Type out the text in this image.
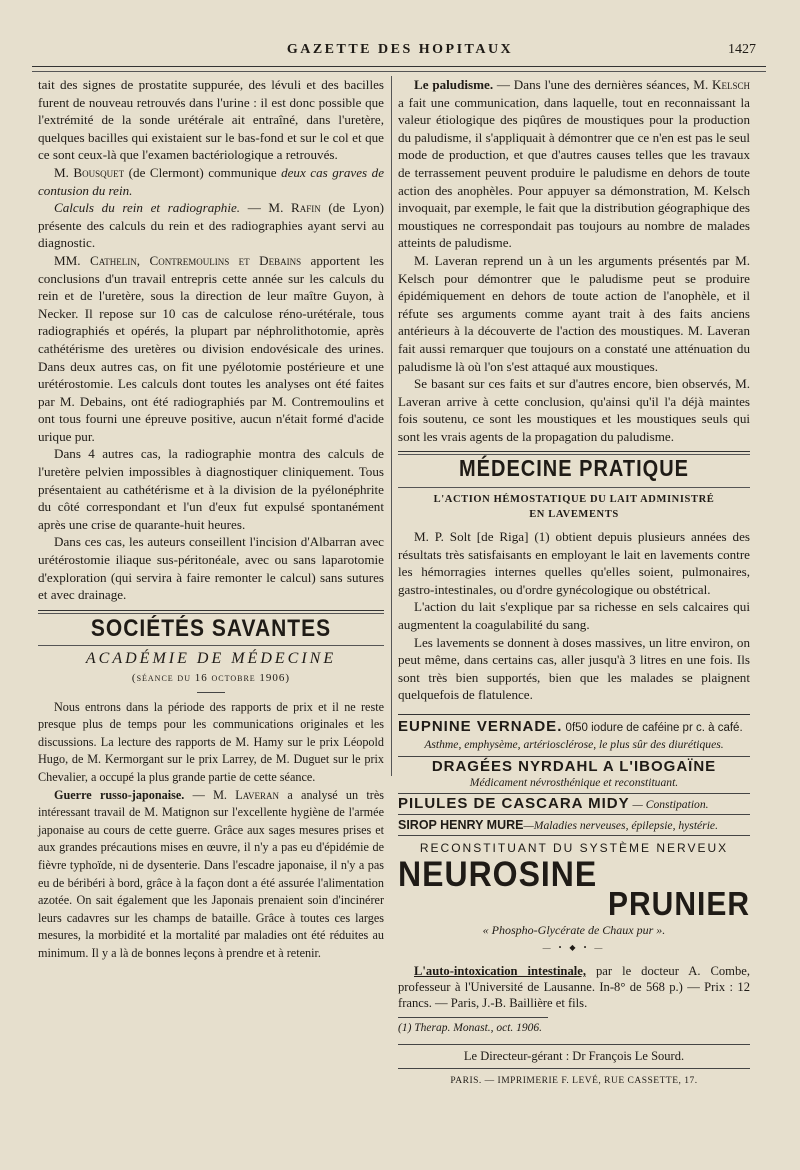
GAZETTE DES HOPITAUX	1427

tait des signes de prostatite suppurée, des lévuli et des bacilles furent de nouveau retrouvés dans l'urine : il est donc possible que l'extrémité de la sonde urétérale ait entraîné, dans l'uretère, quelques bacilles qui existaient sur le bas-fond et sur le col et que ce sont ceux-là que l'examen bactériologique a retrouvés.

M. Bousquet (de Clermont) communique deux cas graves de contusion du rein.

Calculs du rein et radiographie. — M. Rafin (de Lyon) présente des calculs du rein et des radiographies ayant servi au diagnostic.

MM. Cathelin, Contremoulins et Debains apportent les conclusions d'un travail entrepris cette année sur les calculs du rein et de l'uretère, sous la direction de leur maître Guyon, à Necker. Il repose sur 10 cas de calculose réno-urétérale, tous radiographiés et opérés, la plupart par néphrolithotomie, après cathétérisme des uretères ou division endovésicale des urines. Dans deux autres cas, on fit une pyélotomie postérieure et une urétérostomie. Les calculs dont toutes les analyses ont été faites par M. Debains, ont été radiographiés par M. Contremoulins et ont tous fourni une épreuve positive, aucun n'était formé d'acide urique pur.

Dans 4 autres cas, la radiographie montra des calculs de l'uretère pelvien impossibles à diagnostiquer cliniquement. Tous présentaient au cathétérisme et à la division de la pyélonéphrite du côté correspondant et l'un d'eux fut expulsé spontanément après une crise de quarante-huit heures.

Dans ces cas, les auteurs conseillent l'incision d'Albarran avec urétérostomie iliaque sus-péritonéale, avec ou sans laparotomie d'exploration (qui servira à faire remonter le calcul) sans sutures et avec drainage.

SOCIÉTÉS SAVANTES
ACADÉMIE DE MÉDECINE
(séance du 16 octobre 1906)

Nous entrons dans la période des rapports de prix et il ne reste presque plus de temps pour les communications originales et les discussions. La lecture des rapports de M. Hamy sur le prix Léopold Hugo, de M. Kermorgant sur le prix Larrey, de M. Duguet sur le prix Chevalier, a occupé la plus grande partie de cette séance.

Guerre russo-japonaise. — M. Laveran a analysé un très intéressant travail de M. Matignon sur l'excellente hygiène de l'armée japonaise au cours de cette guerre. Grâce aux sages mesures prises et aux grandes précautions mises en œuvre, il n'y a pas eu d'épidémie de fièvre typhoïde, ni de dysenterie. Dans l'escadre japonaise, il n'y a pas eu de béribéri à bord, grâce à la façon dont a été assurée l'alimentation azotée. On sait également que les Japonais prenaient soin d'incinérer leurs cadavres sur les champs de bataille. Grâce à toutes ces larges mesures, la morbidité et la mortalité par maladies ont été réduites au minimum. Il y a là de bonnes leçons à prendre et à retenir.

Le paludisme. — Dans l'une des dernières séances, M. Kelsch a fait une communication, dans laquelle, tout en reconnaissant la valeur étiologique des piqûres de moustiques pour la production du paludisme, il s'appliquait à démontrer que ce n'en est pas le seul mode de production, et que d'autres causes telles que les travaux de terrassement peuvent produire le paludisme en dehors de toute action des anophèles. Pour appuyer sa démonstration, M. Kelsch invoquait, par exemple, le fait que la distribution géographique des moustiques ne correspondait pas toujours au nombre de malades atteints de paludisme.

M. Laveran reprend un à un les arguments présentés par M. Kelsch pour démontrer que le paludisme peut se produire épidémiquement en dehors de toute action de l'anophèle, et il réfute ses arguments comme ayant trait à des faits anciens antérieurs à la découverte de l'action des moustiques. M. Laveran fait aussi remarquer que toujours on a constaté une atténuation du paludisme là où l'on s'est attaqué aux moustiques.

Se basant sur ces faits et sur d'autres encore, bien observés, M. Laveran arrive à cette conclusion, qu'ainsi qu'il l'a déjà maintes fois soutenu, ce sont les moustiques et les moustiques seuls qui sont les vrais agents de la propagation du paludisme.

MÉDECINE PRATIQUE
L'ACTION HÉMOSTATIQUE DU LAIT ADMINISTRÉ
EN LAVEMENTS

M. P. Solt [de Riga] (1) obtient depuis plusieurs années des résultats très satisfaisants en employant le lait en lavements contre les hémorragies internes quelles qu'elles soient, pulmonaires, gastro-intestinales, ou d'ordre gynécologique ou obstétrical.

L'action du lait s'explique par sa richesse en sels calcaires qui augmentent la coagulabilité du sang.

Les lavements se donnent à doses massives, un litre environ, on peut même, dans certains cas, aller jusqu'à 3 litres en une fois. Ils sont très bien supportés, bien que les malades se plaignent quelquefois de flatulence.

EUPNINE VERNADE. 0f50 iodure de caféine pr c. à café.
Asthme, emphysème, artériosclérose, le plus sûr des diurétiques.
DRAGÉES NYRDAHL A L'IBOGAÏNE
Médicament névrosthénique et reconstituant.
PILULES DE CASCARA MIDY — Constipation.
SIROP HENRY MURE—Maladies nerveuses, épilepsie, hystérie.
RECONSTITUANT DU SYSTÈME NERVEUX
NEUROSINE
PRUNIER
« Phospho-Glycérate de Chaux pur ».
— • ◆ • —

L'auto-intoxication intestinale, par le docteur A. Combe, professeur à l'Université de Lausanne. In-8° de 568 p.) — Prix : 12 francs. — Paris, J.-B. Baillière et fils.

(1) Therap. Monast., oct. 1906.
Le Directeur-gérant : Dr François Le Sourd.
PARIS. — IMPRIMERIE F. LEVÉ, RUE CASSETTE, 17.
